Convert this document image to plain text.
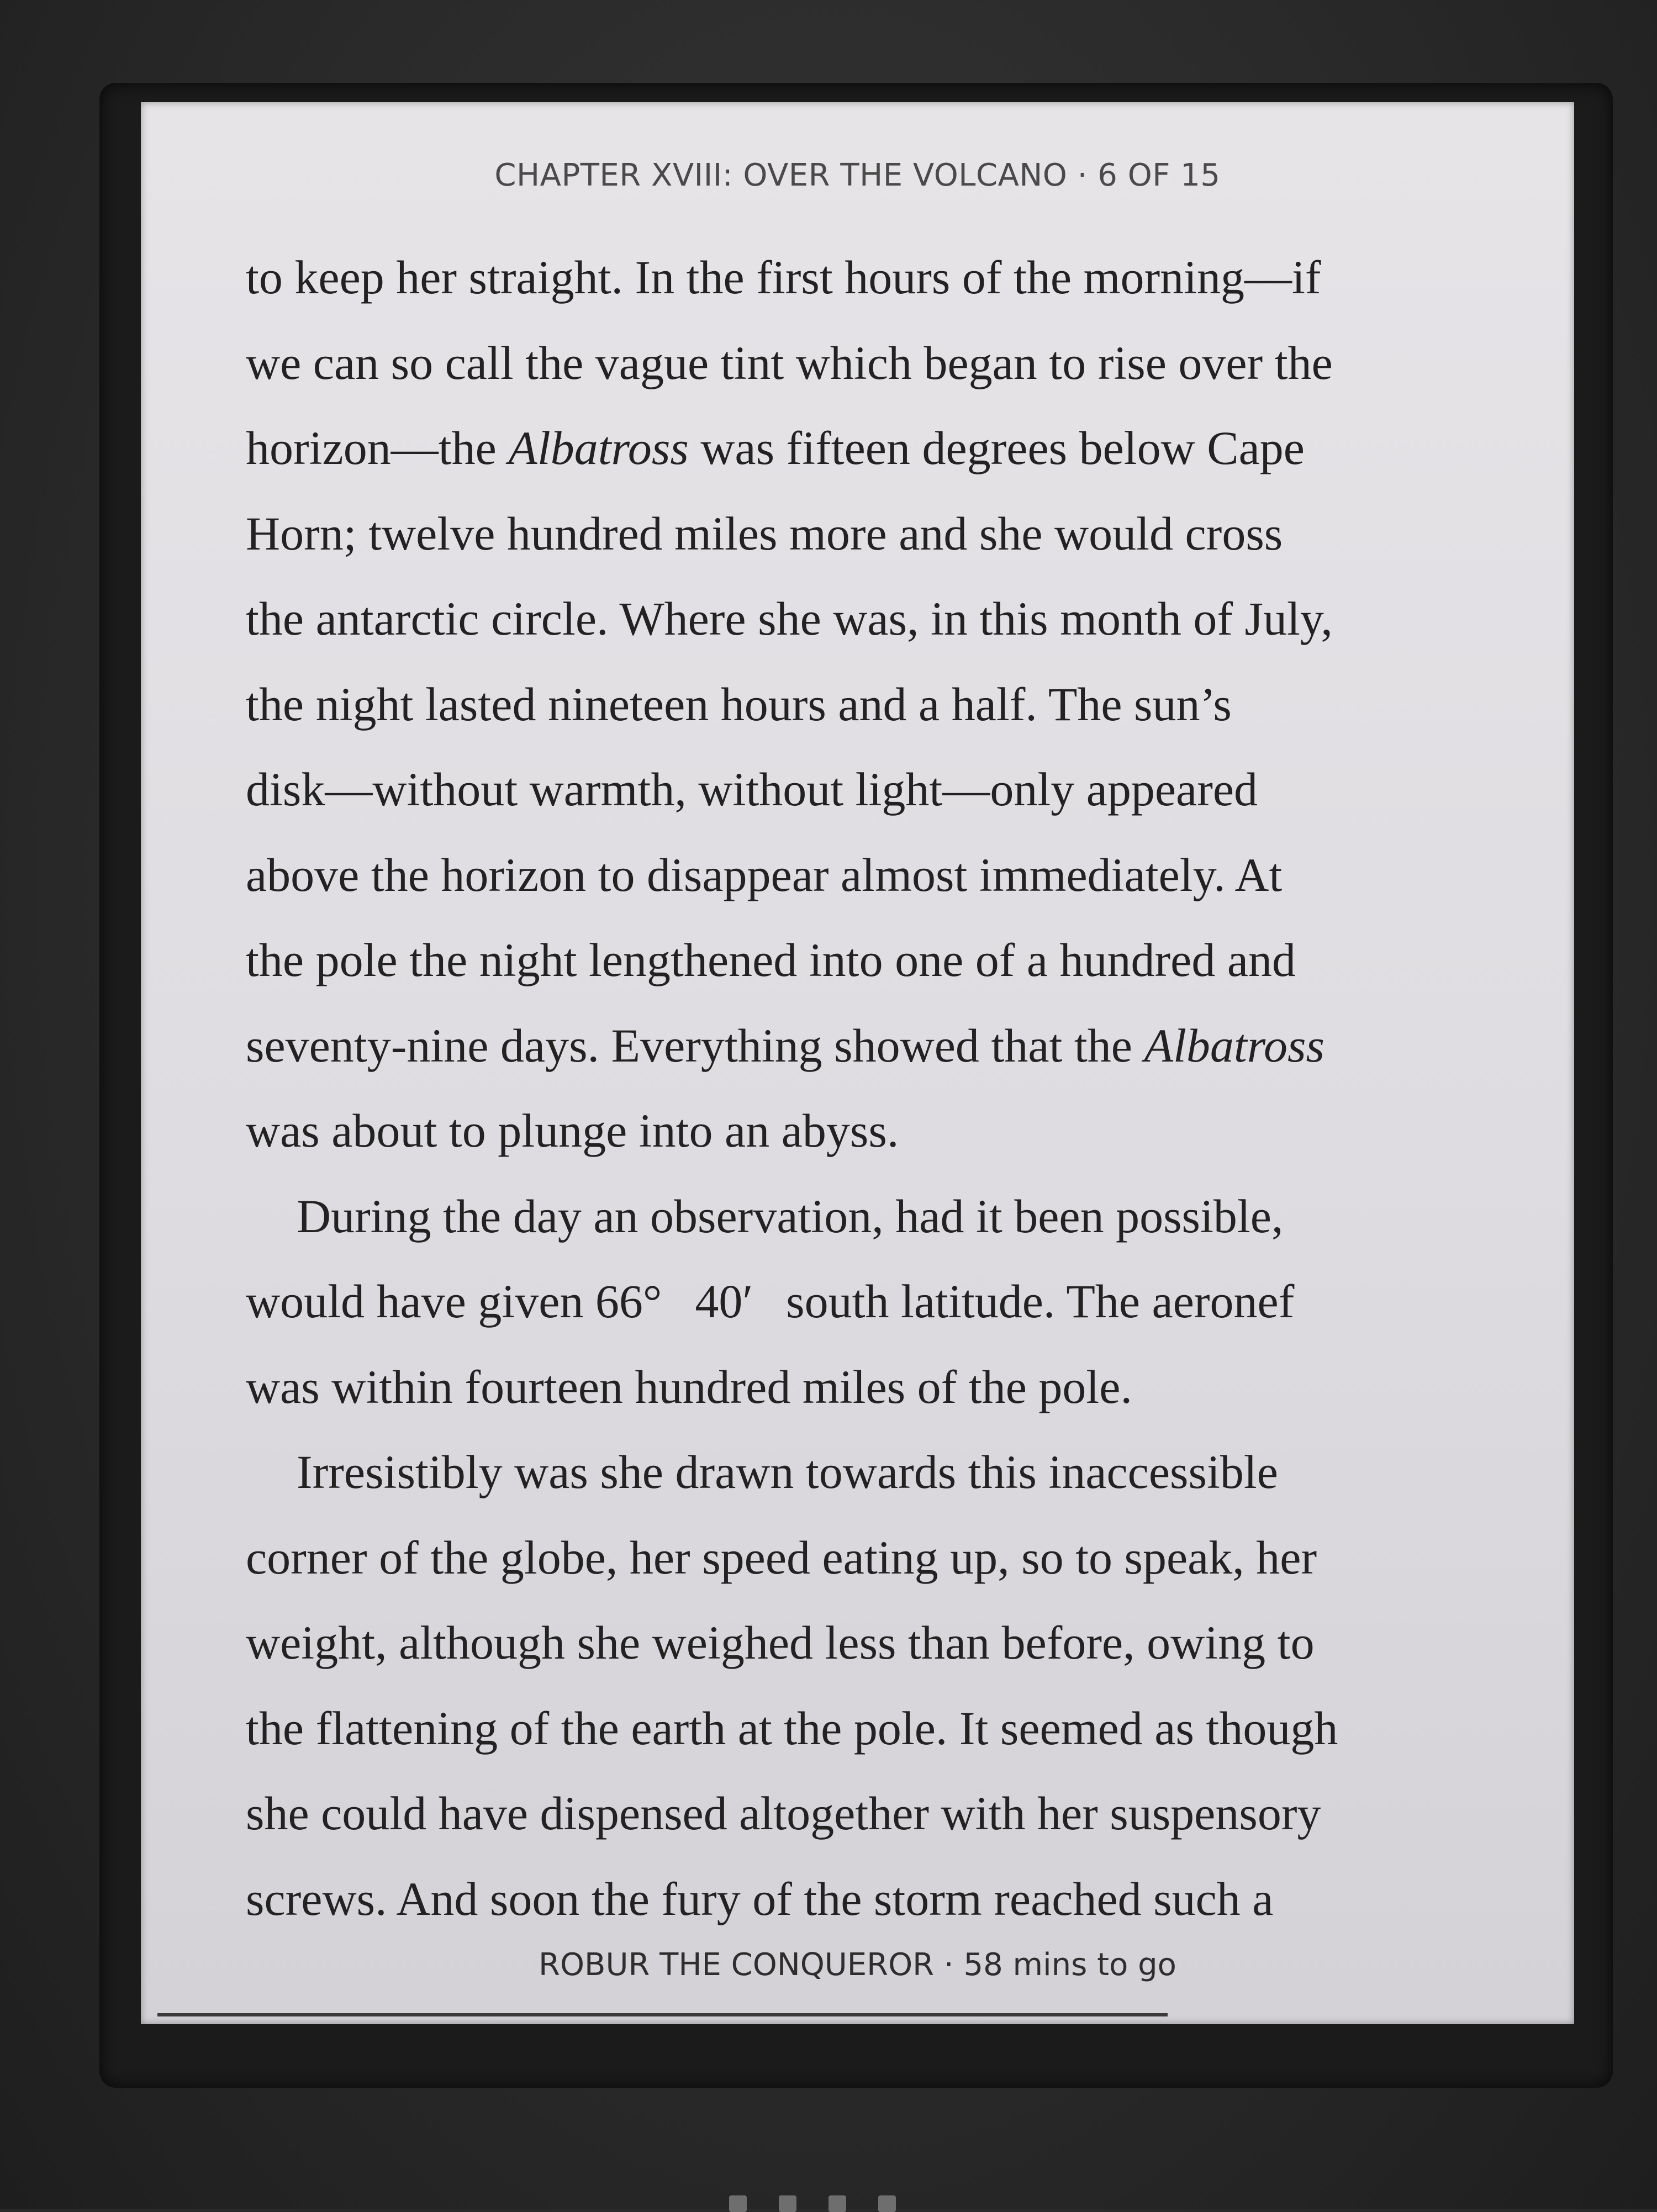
CHAPTER XVIII: OVER THE VOLCANO · 6 OF 15
to keep her straight. In the first hours of the morning—if
we can so call the vague tint which began to rise over the
horizon—the Albatross was fifteen degrees below Cape
Horn; twelve hundred miles more and she would cross
the antarctic circle. Where she was, in this month of July,
the night lasted nineteen hours and a half. The sun’s
disk—without warmth, without light—only appeared
above the horizon to disappear almost immediately. At
the pole the night lengthened into one of a hundred and
seventy-nine days. Everything showed that the Albatross
was about to plunge into an abyss.
During the day an observation, had it been possible,
would have given 66° 40′ south latitude. The aeronef
was within fourteen hundred miles of the pole.
Irresistibly was she drawn towards this inaccessible
corner of the globe, her speed eating up, so to speak, her
weight, although she weighed less than before, owing to
the flattening of the earth at the pole. It seemed as though
she could have dispensed altogether with her suspensory
screws. And soon the fury of the storm reached such a
ROBUR THE CONQUEROR · 58 mins to go
